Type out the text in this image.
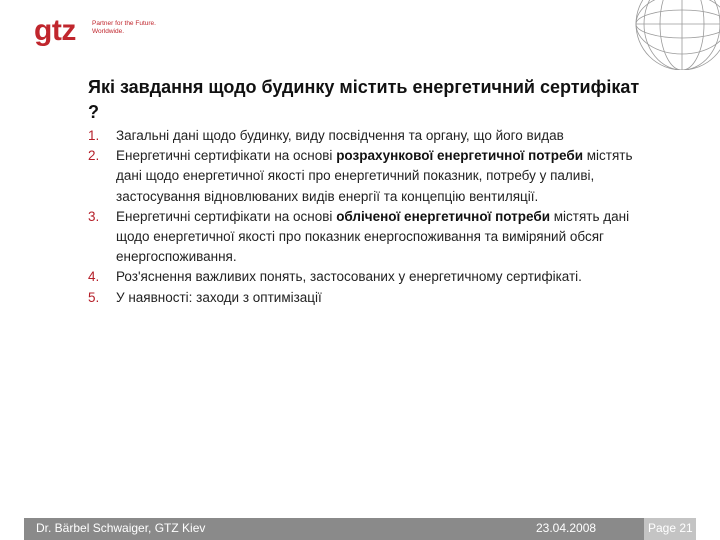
gtz Partner for the Future.
Worldwide.
Які завдання щодо будинку містить енергетичний сертифікат ?
1.	Загальні дані щодо будинку, виду посвідчення та органу, що його видав
2.	Енергетичні сертифікати на основі розрахункової енергетичної потреби містять дані щодо енергетичної якості про енергетичний показник, потребу у паливі, застосування відновлюваних видів енергії та концепцію вентиляції.
3.	Енергетичні сертифікати на основі обліченої енергетичної потреби містять дані щодо енергетичної якості про показник енергоспоживання та виміряний обсяг енергоспоживання.
4.	Роз'яснення важливих понять, застосованих у енергетичному сертифікаті.
5.	У наявності: заходи з оптимізації
Dr. Bärbel Schwaiger, GTZ Kiev	23.04.2008	Page 21
